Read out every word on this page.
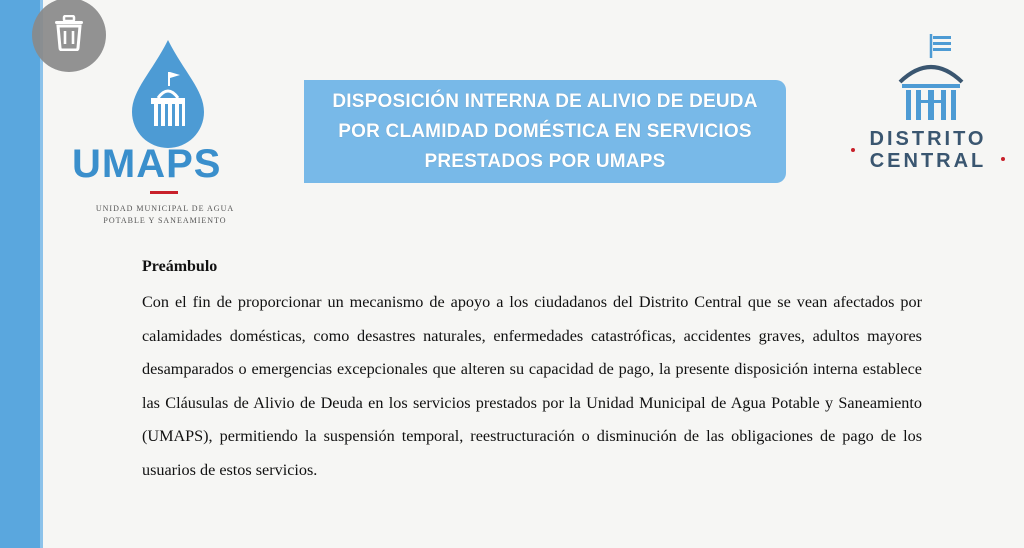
UMAPS
UNIDAD MUNICIPAL DE AGUA
POTABLE Y SANEAMIENTO
DISPOSICIÓN INTERNA DE ALIVIO DE DEUDA
POR CLAMIDAD DOMÉSTICA EN SERVICIOS
PRESTADOS POR UMAPS
DISTRITO
CENTRAL
Preámbulo

Con el fin de proporcionar un mecanismo de apoyo a los ciudadanos del Distrito Central que se vean afectados por calamidades domésticas, como desastres naturales, enfermedades catastróficas, accidentes graves, adultos mayores desamparados o emergencias excepcionales que alteren su capacidad de pago, la presente disposición interna establece las Cláusulas de Alivio de Deuda en los servicios prestados por la Unidad Municipal de Agua Potable y Saneamiento (UMAPS), permitiendo la suspensión temporal, reestructuración o disminución de las obligaciones de pago de los usuarios de estos servicios.
